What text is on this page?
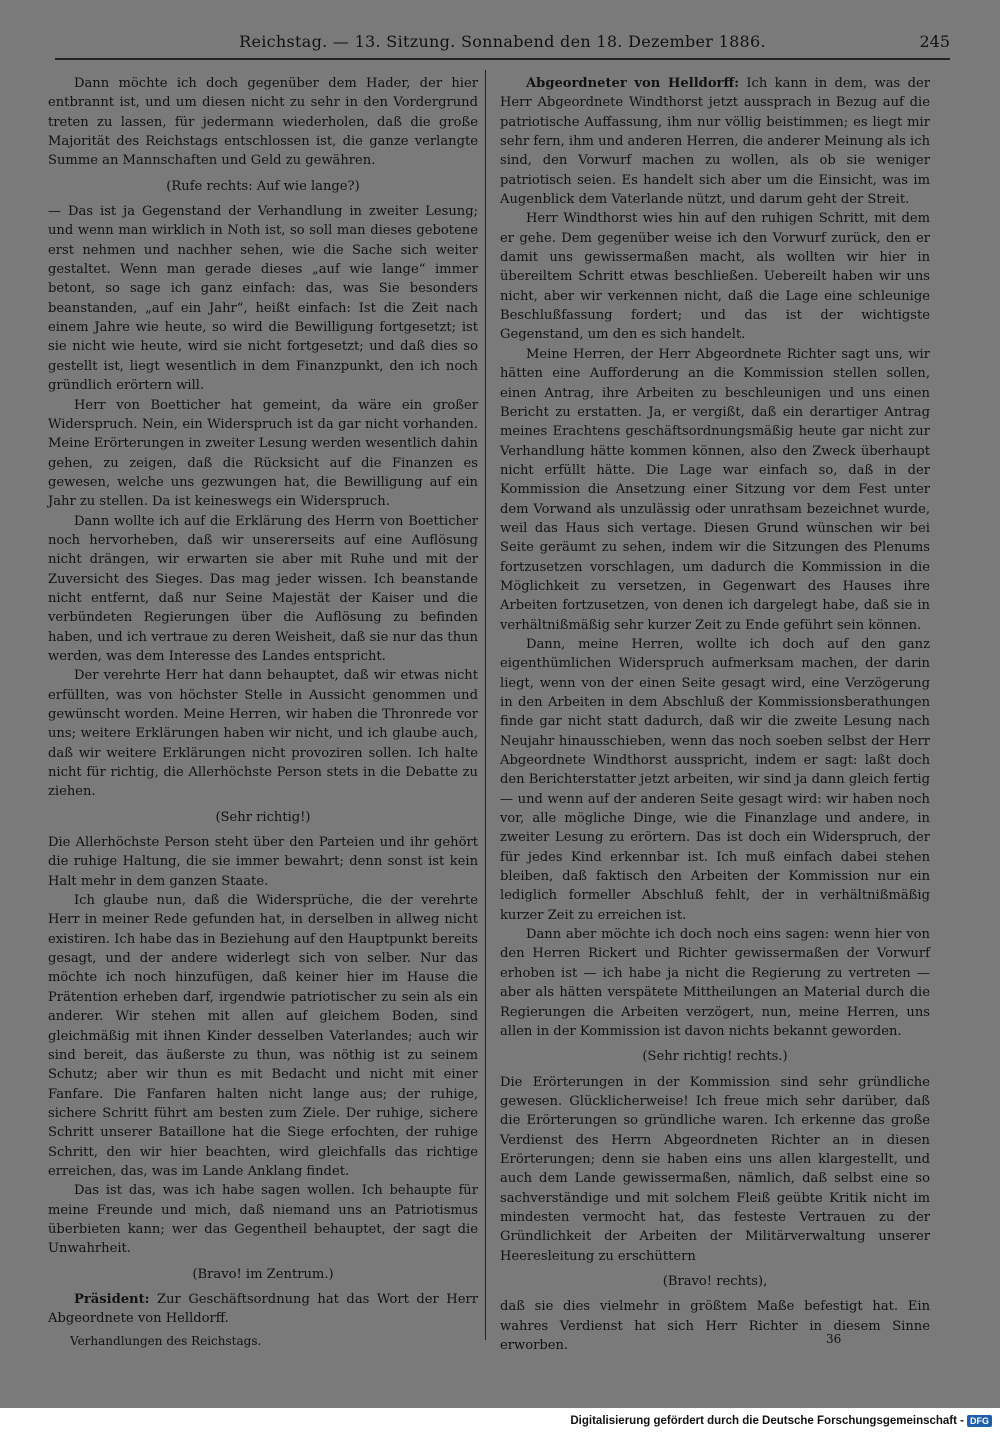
Reichstag. — 13. Sitzung. Sonnabend den 18. Dezember 1886.	245

Dann möchte ich doch gegenüber dem Hader, der hier entbrannt ist, und um diesen nicht zu sehr in den Vordergrund treten zu lassen, für jedermann wiederholen, daß die große Majorität des Reichstags entschlossen ist, die ganze verlangte Summe an Mannschaften und Geld zu gewähren.

(Rufe rechts: Auf wie lange?)

— Das ist ja Gegenstand der Verhandlung in zweiter Lesung; und wenn man wirklich in Noth ist, so soll man dieses gebotene erst nehmen und nachher sehen, wie die Sache sich weiter gestaltet. Wenn man gerade dieses „auf wie lange“ immer betont, so sage ich ganz einfach: das, was Sie besonders beanstanden, „auf ein Jahr“, heißt einfach: Ist die Zeit nach einem Jahre wie heute, so wird die Bewilligung fortgesetzt; ist sie nicht wie heute, wird sie nicht fortgesetzt; und daß dies so gestellt ist, liegt wesentlich in dem Finanzpunkt, den ich noch gründlich erörtern will.

Herr von Boetticher hat gemeint, da wäre ein großer Widerspruch. Nein, ein Widerspruch ist da gar nicht vorhanden. Meine Erörterungen in zweiter Lesung werden wesentlich dahin gehen, zu zeigen, daß die Rücksicht auf die Finanzen es gewesen, welche uns gezwungen hat, die Bewilligung auf ein Jahr zu stellen. Da ist keineswegs ein Widerspruch.

Dann wollte ich auf die Erklärung des Herrn von Boetticher noch hervorheben, daß wir unsererseits auf eine Auflösung nicht drängen, wir erwarten sie aber mit Ruhe und mit der Zuversicht des Sieges. Das mag jeder wissen. Ich beanstande nicht entfernt, daß nur Seine Majestät der Kaiser und die verbündeten Regierungen über die Auflösung zu befinden haben, und ich vertraue zu deren Weisheit, daß sie nur das thun werden, was dem Interesse des Landes entspricht.

Der verehrte Herr hat dann behauptet, daß wir etwas nicht erfüllten, was von höchster Stelle in Aussicht genommen und gewünscht worden. Meine Herren, wir haben die Thronrede vor uns; weitere Erklärungen haben wir nicht, und ich glaube auch, daß wir weitere Erklärungen nicht provoziren sollen. Ich halte nicht für richtig, die Allerhöchste Person stets in die Debatte zu ziehen.

(Sehr richtig!)

Die Allerhöchste Person steht über den Parteien und ihr gehört die ruhige Haltung, die sie immer bewahrt; denn sonst ist kein Halt mehr in dem ganzen Staate.

Ich glaube nun, daß die Widersprüche, die der verehrte Herr in meiner Rede gefunden hat, in derselben in allweg nicht existiren. Ich habe das in Beziehung auf den Hauptpunkt bereits gesagt, und der andere widerlegt sich von selber. Nur das möchte ich noch hinzufügen, daß keiner hier im Hause die Prätention erheben darf, irgendwie patriotischer zu sein als ein anderer. Wir stehen mit allen auf gleichem Boden, sind gleichmäßig mit ihnen Kinder desselben Vaterlandes; auch wir sind bereit, das äußerste zu thun, was nöthig ist zu seinem Schutz; aber wir thun es mit Bedacht und nicht mit einer Fanfare. Die Fanfaren halten nicht lange aus; der ruhige, sichere Schritt führt am besten zum Ziele. Der ruhige, sichere Schritt unserer Bataillone hat die Siege erfochten, der ruhige Schritt, den wir hier beachten, wird gleichfalls das richtige erreichen, das, was im Lande Anklang findet.

Das ist das, was ich habe sagen wollen. Ich behaupte für meine Freunde und mich, daß niemand uns an Patriotismus überbieten kann; wer das Gegentheil behauptet, der sagt die Unwahrheit.

(Bravo! im Zentrum.)

Präsident: Zur Geschäftsordnung hat das Wort der Herr Abgeordnete von Helldorff.

Abgeordneter von Helldorff: Ich kann in dem, was der Herr Abgeordnete Windthorst jetzt aussprach in Bezug auf die patriotische Auffassung, ihm nur völlig beistimmen; es liegt mir sehr fern, ihm und anderen Herren, die anderer Meinung als ich sind, den Vorwurf machen zu wollen, als ob sie weniger patriotisch seien. Es handelt sich aber um die Einsicht, was im Augenblick dem Vaterlande nützt, und darum geht der Streit.

Herr Windthorst wies hin auf den ruhigen Schritt, mit dem er gehe. Dem gegenüber weise ich den Vorwurf zurück, den er damit uns gewissermaßen macht, als wollten wir hier in übereiltem Schritt etwas beschließen. Uebereilt haben wir uns nicht, aber wir verkennen nicht, daß die Lage eine schleunige Beschlußfassung fordert; und das ist der wichtigste Gegenstand, um den es sich handelt.

Meine Herren, der Herr Abgeordnete Richter sagt uns, wir hätten eine Aufforderung an die Kommission stellen sollen, einen Antrag, ihre Arbeiten zu beschleunigen und uns einen Bericht zu erstatten. Ja, er vergißt, daß ein derartiger Antrag meines Erachtens geschäftsordnungsmäßig heute gar nicht zur Verhandlung hätte kommen können, also den Zweck überhaupt nicht erfüllt hätte. Die Lage war einfach so, daß in der Kommission die Ansetzung einer Sitzung vor dem Fest unter dem Vorwand als unzulässig oder unrathsam bezeichnet wurde, weil das Haus sich vertage. Diesen Grund wünschen wir bei Seite geräumt zu sehen, indem wir die Sitzungen des Plenums fortzusetzen vorschlagen, um dadurch die Kommission in die Möglichkeit zu versetzen, in Gegenwart des Hauses ihre Arbeiten fortzusetzen, von denen ich dargelegt habe, daß sie in verhältnißmäßig sehr kurzer Zeit zu Ende geführt sein können.

Dann, meine Herren, wollte ich doch auf den ganz eigenthümlichen Widerspruch aufmerksam machen, der darin liegt, wenn von der einen Seite gesagt wird, eine Verzögerung in den Arbeiten in dem Abschluß der Kommissionsberathungen finde gar nicht statt dadurch, daß wir die zweite Lesung nach Neujahr hinausschieben, wenn das noch soeben selbst der Herr Abgeordnete Windthorst ausspricht, indem er sagt: laßt doch den Berichterstatter jetzt arbeiten, wir sind ja dann gleich fertig — und wenn auf der anderen Seite gesagt wird: wir haben noch vor, alle mögliche Dinge, wie die Finanzlage und andere, in zweiter Lesung zu erörtern. Das ist doch ein Widerspruch, der für jedes Kind erkennbar ist. Ich muß einfach dabei stehen bleiben, daß faktisch den Arbeiten der Kommission nur ein lediglich formeller Abschluß fehlt, der in verhältnißmäßig kurzer Zeit zu erreichen ist.

Dann aber möchte ich doch noch eins sagen: wenn hier von den Herren Rickert und Richter gewissermaßen der Vorwurf erhoben ist — ich habe ja nicht die Regierung zu vertreten — aber als hätten verspätete Mittheilungen an Material durch die Regierungen die Arbeiten verzögert, nun, meine Herren, uns allen in der Kommission ist davon nichts bekannt geworden.

(Sehr richtig! rechts.)

Die Erörterungen in der Kommission sind sehr gründliche gewesen. Glücklicherweise! Ich freue mich sehr darüber, daß die Erörterungen so gründliche waren. Ich erkenne das große Verdienst des Herrn Abgeordneten Richter an in diesen Erörterungen; denn sie haben eins uns allen klargestellt, und auch dem Lande gewissermaßen, nämlich, daß selbst eine so sachverständige und mit solchem Fleiß geübte Kritik nicht im mindesten vermocht hat, das festeste Vertrauen zu der Gründlichkeit der Arbeiten der Militärverwaltung unserer Heeresleitung zu erschüttern

(Bravo! rechts),

daß sie dies vielmehr in größtem Maße befestigt hat. Ein wahres Verdienst hat sich Herr Richter in diesem Sinne erworben.

Verhandlungen des Reichstags.	36
Digitalisierung gefördert durch die Deutsche Forschungsgemeinschaft - DFG
